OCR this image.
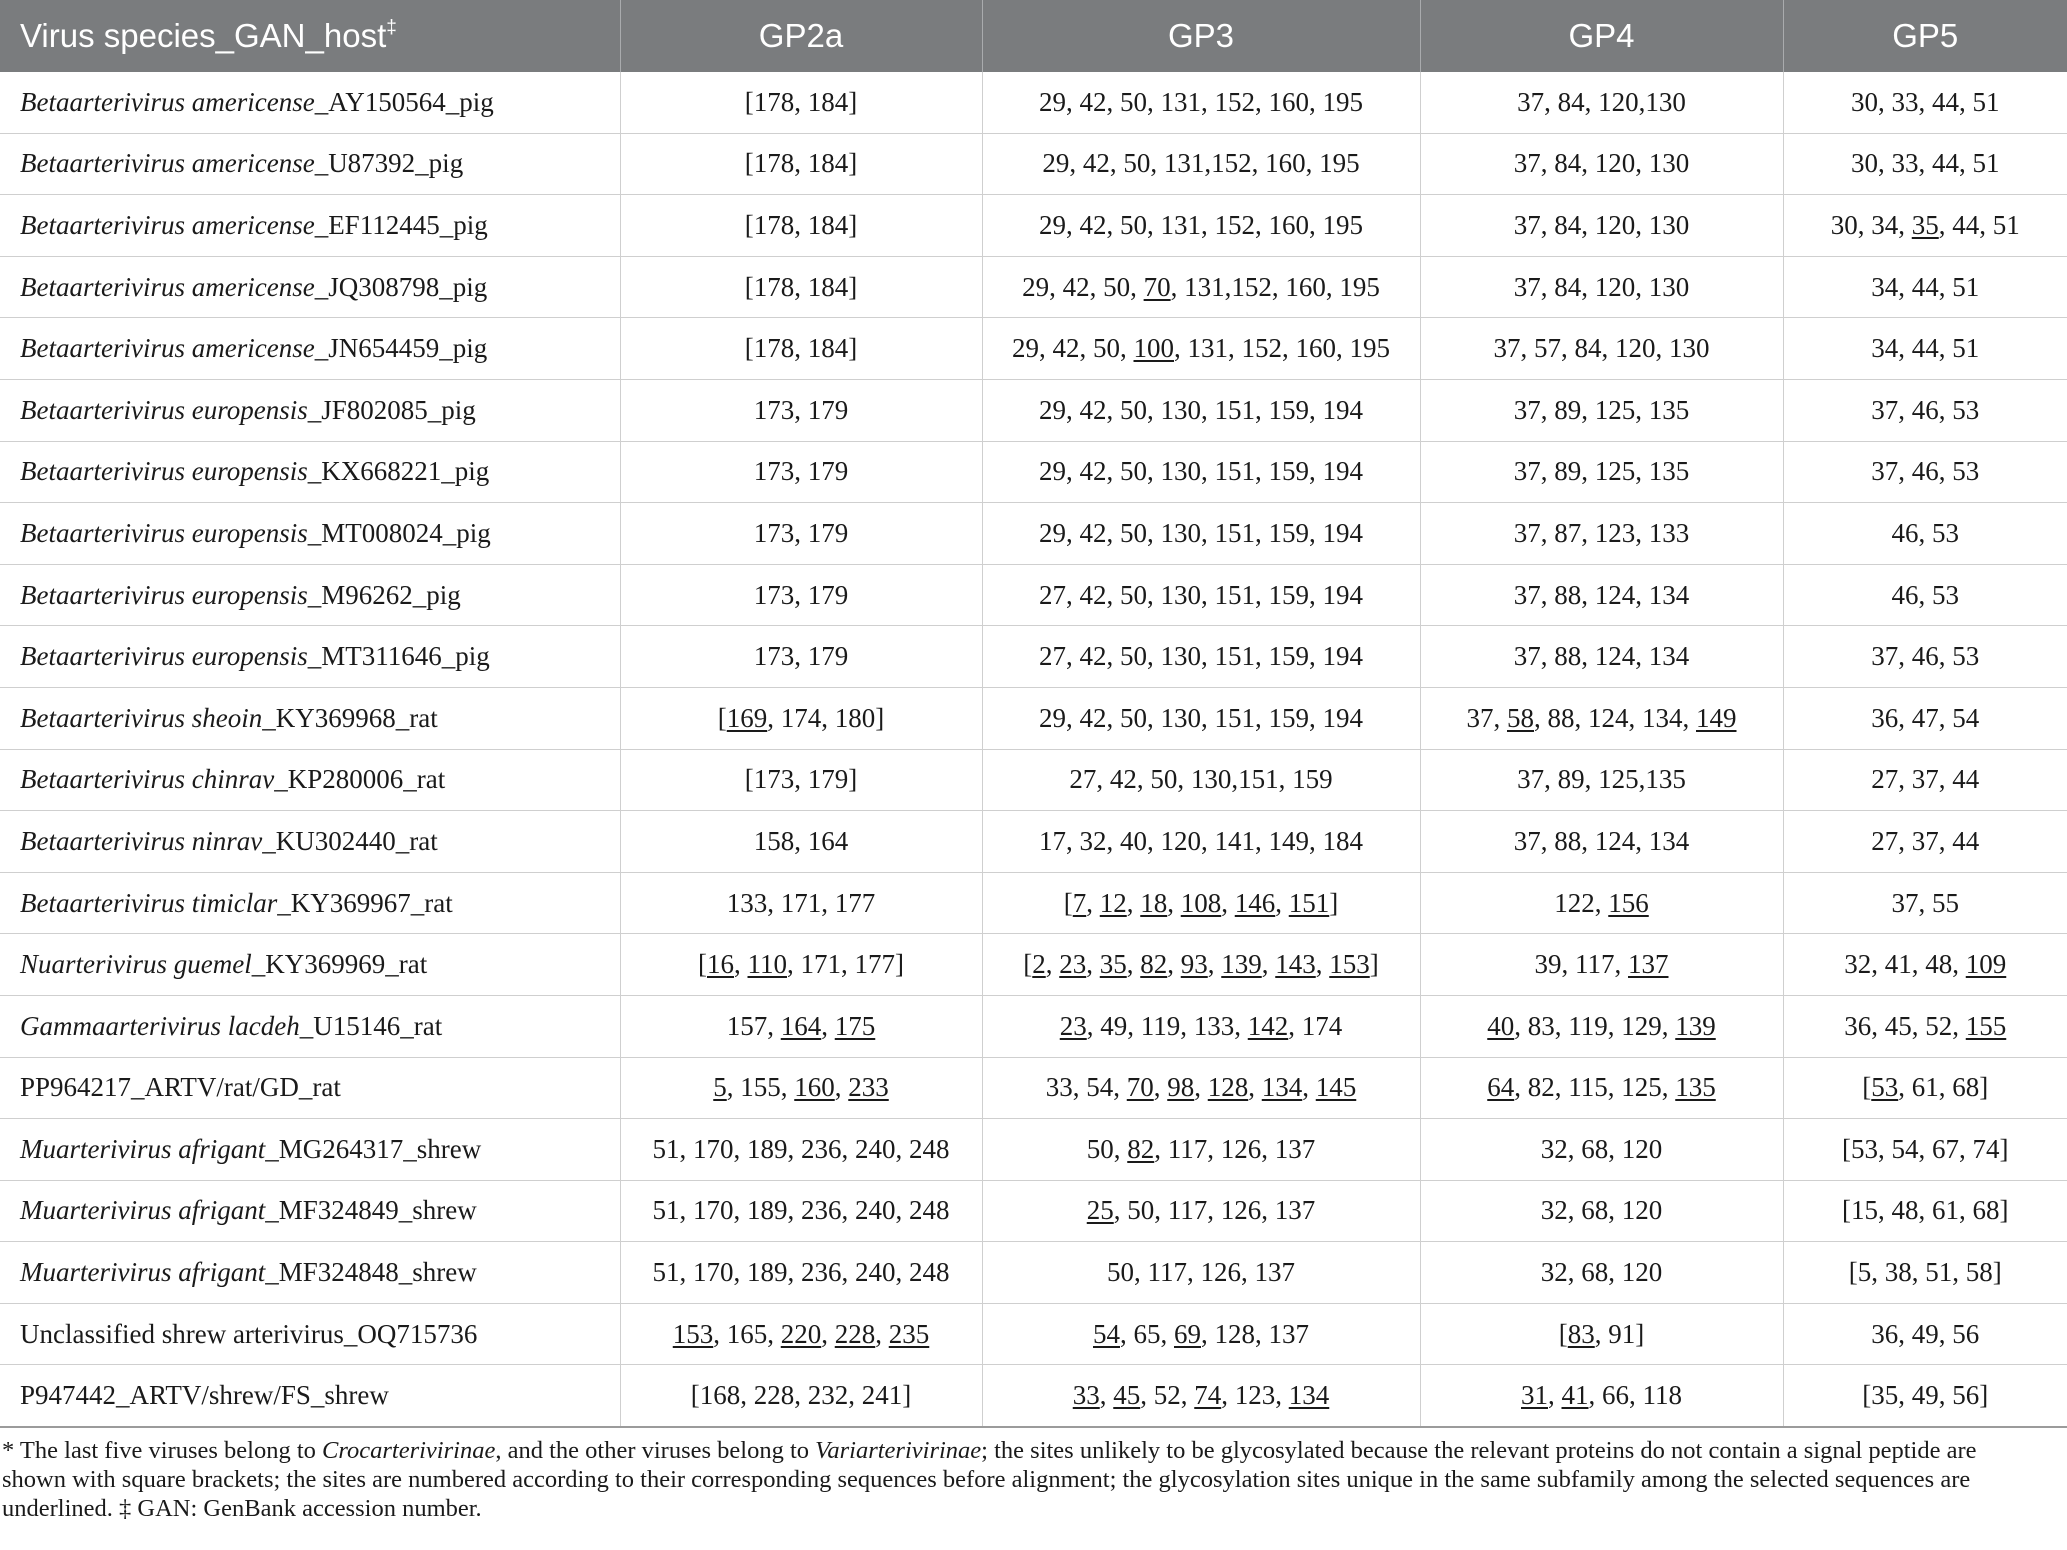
Virus species_GAN_host‡	GP2a	GP3	GP4	GP5
Betaarterivirus americense_AY150564_pig	[178, 184]	29, 42, 50, 131, 152, 160, 195	37, 84, 120,130	30, 33, 44, 51
Betaarterivirus americense_U87392_pig	[178, 184]	29, 42, 50, 131,152, 160, 195	37, 84, 120, 130	30, 33, 44, 51
Betaarterivirus americense_EF112445_pig	[178, 184]	29, 42, 50, 131, 152, 160, 195	37, 84, 120, 130	30, 34, 35, 44, 51
Betaarterivirus americense_JQ308798_pig	[178, 184]	29, 42, 50, 70, 131,152, 160, 195	37, 84, 120, 130	34, 44, 51
Betaarterivirus americense_JN654459_pig	[178, 184]	29, 42, 50, 100, 131, 152, 160, 195	37, 57, 84, 120, 130	34, 44, 51
Betaarterivirus europensis_JF802085_pig	173, 179	29, 42, 50, 130, 151, 159, 194	37, 89, 125, 135	37, 46, 53
Betaarterivirus europensis_KX668221_pig	173, 179	29, 42, 50, 130, 151, 159, 194	37, 89, 125, 135	37, 46, 53
Betaarterivirus europensis_MT008024_pig	173, 179	29, 42, 50, 130, 151, 159, 194	37, 87, 123, 133	46, 53
Betaarterivirus europensis_M96262_pig	173, 179	27, 42, 50, 130, 151, 159, 194	37, 88, 124, 134	46, 53
Betaarterivirus europensis_MT311646_pig	173, 179	27, 42, 50, 130, 151, 159, 194	37, 88, 124, 134	37, 46, 53
Betaarterivirus sheoin_KY369968_rat	[169, 174, 180]	29, 42, 50, 130, 151, 159, 194	37, 58, 88, 124, 134, 149	36, 47, 54
Betaarterivirus chinrav_KP280006_rat	[173, 179]	27, 42, 50, 130,151, 159	37, 89, 125,135	27, 37, 44
Betaarterivirus ninrav_KU302440_rat	158, 164	17, 32, 40, 120, 141, 149, 184	37, 88, 124, 134	27, 37, 44
Betaarterivirus timiclar_KY369967_rat	133, 171, 177	[7, 12, 18, 108, 146, 151]	122, 156	37, 55
Nuarterivirus guemel_KY369969_rat	[16, 110, 171, 177]	[2, 23, 35, 82, 93, 139, 143, 153]	39, 117, 137	32, 41, 48, 109
Gammaarterivirus lacdeh_U15146_rat	157, 164, 175	23, 49, 119, 133, 142, 174	40, 83, 119, 129, 139	36, 45, 52, 155
PP964217_ARTV/rat/GD_rat	5, 155, 160, 233	33, 54, 70, 98, 128, 134, 145	64, 82, 115, 125, 135	[53, 61, 68]
Muarterivirus afrigant_MG264317_shrew	51, 170, 189, 236, 240, 248	50, 82, 117, 126, 137	32, 68, 120	[53, 54, 67, 74]
Muarterivirus afrigant_MF324849_shrew	51, 170, 189, 236, 240, 248	25, 50, 117, 126, 137	32, 68, 120	[15, 48, 61, 68]
Muarterivirus afrigant_MF324848_shrew	51, 170, 189, 236, 240, 248	50, 117, 126, 137	32, 68, 120	[5, 38, 51, 58]
Unclassified shrew arterivirus_OQ715736	153, 165, 220, 228, 235	54, 65, 69, 128, 137	[83, 91]	36, 49, 56
P947442_ARTV/shrew/FS_shrew	[168, 228, 232, 241]	33, 45, 52, 74, 123, 134	31, 41, 66, 118	[35, 49, 56]
* The last five viruses belong to Crocarterivirinae, and the other viruses belong to Variarterivirinae; the sites unlikely to be glycosylated because the relevant proteins do not contain a signal peptide are shown with square brackets; the sites are numbered according to their corresponding sequences before alignment; the glycosylation sites unique in the same subfamily among the selected sequences are underlined. ‡ GAN: GenBank accession number.
